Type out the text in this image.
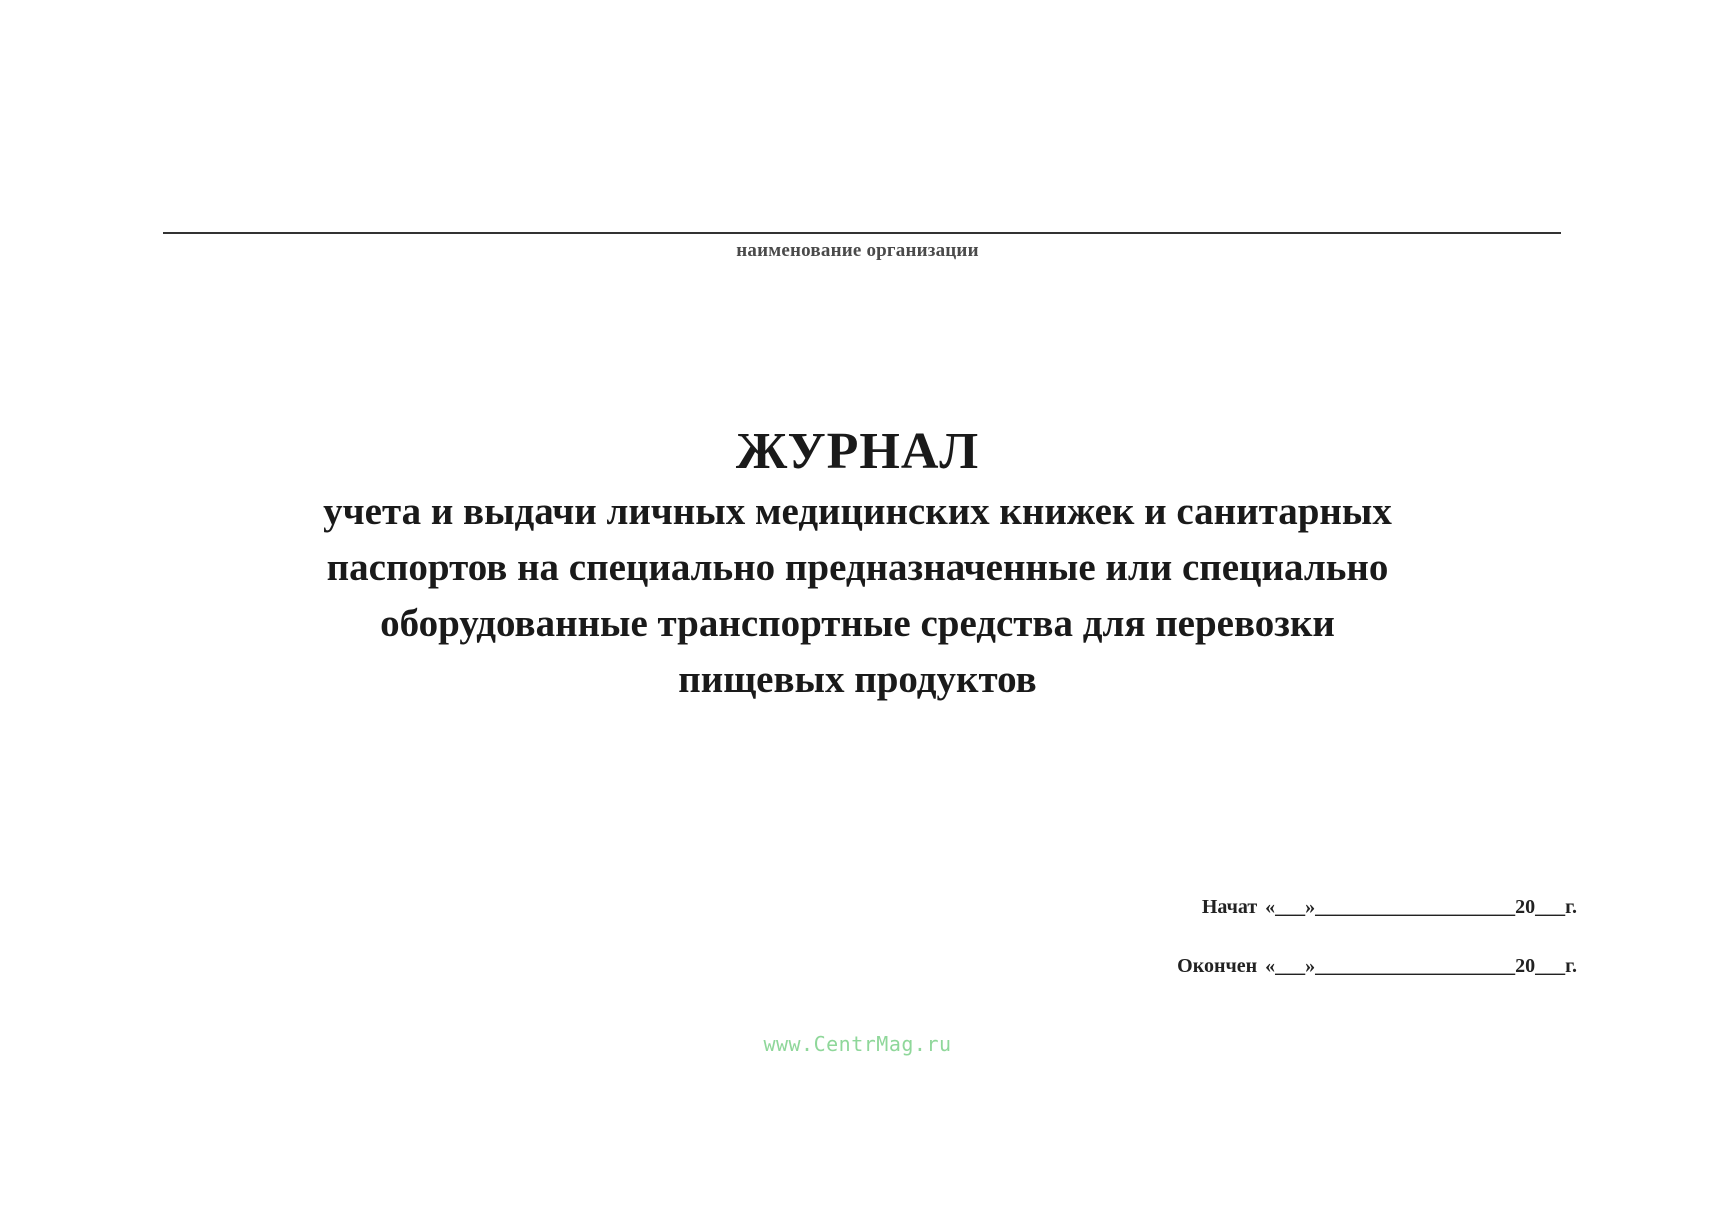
наименование организации
ЖУРНАЛ
учета и выдачи личных медицинских книжек и санитарных
паспортов на специально предназначенные или специально
оборудованные транспортные средства для перевозки
пищевых продуктов
Начат «___»____________________20___г.
Окончен «___»____________________20___г.
www.CentrMag.ru
